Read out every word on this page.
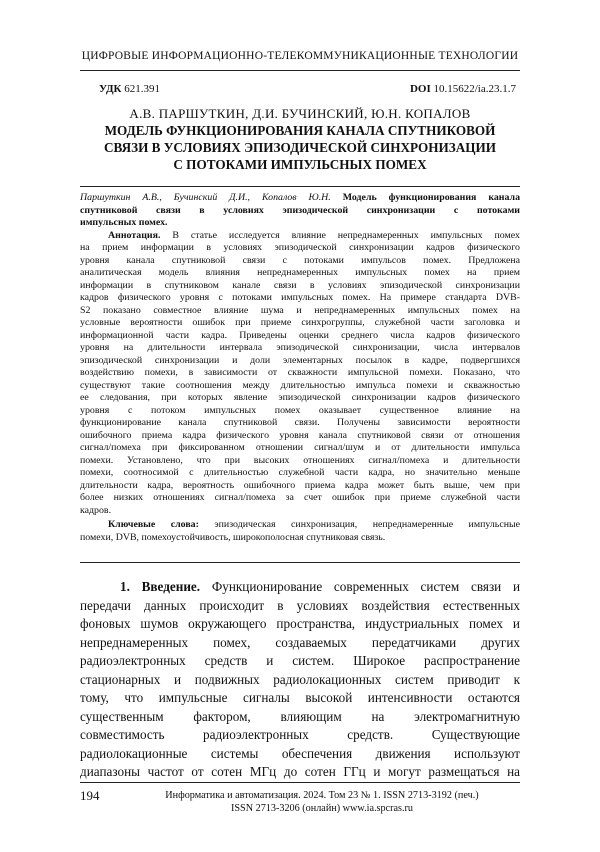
ЦИФРОВЫЕ ИНФОРМАЦИОННО-ТЕЛЕКОММУНИКАЦИОННЫЕ ТЕХНОЛОГИИ
УДК 621.391	DOI 10.15622/ia.23.1.7
А.В. ПАРШУТКИН, Д.И. БУЧИНСКИЙ, Ю.Н. КОПАЛОВ
МОДЕЛЬ ФУНКЦИОНИРОВАНИЯ КАНАЛА СПУТНИКОВОЙ
СВЯЗИ В УСЛОВИЯХ ЭПИЗОДИЧЕСКОЙ СИНХРОНИЗАЦИИ
С ПОТОКАМИ ИМПУЛЬСНЫХ ПОМЕХ
Паршуткин А.В., Бучинский Д.И., Копалов Ю.Н. Модель функционирования канала
спутниковой связи в условиях эпизодической синхронизации с потоками
импульсных помех.
Аннотация. В статье исследуется влияние непреднамеренных импульсных помех
на прием информации в условиях эпизодической синхронизации кадров физического
уровня канала спутниковой связи с потоками импульсов помех. Предложена
аналитическая модель влияния непреднамеренных импульсных помех на прием
информации в спутниковом канале связи в условиях эпизодической синхронизации
кадров физического уровня с потоками импульсных помех. На примере стандарта DVB-
S2 показано совместное влияние шума и непреднамеренных импульсных помех на
условные вероятности ошибок при приеме синхрогруппы, служебной части заголовка и
информационной части кадра. Приведены оценки среднего числа кадров физического
уровня на длительности интервала эпизодической синхронизации, числа интервалов
эпизодической синхронизации и доли элементарных посылок в кадре, подвергшихся
воздействию помехи, в зависимости от скважности импульсной помехи. Показано, что
существуют такие соотношения между длительностью импульса помехи и скважностью
ее следования, при которых явление эпизодической синхронизации кадров физического
уровня с потоком импульсных помех оказывает существенное влияние на
функционирование канала спутниковой связи. Получены зависимости вероятности
ошибочного приема кадра физического уровня канала спутниковой связи от отношения
сигнал/помеха при фиксированном отношении сигнал/шум и от длительности импульса
помехи. Установлено, что при высоких отношениях сигнал/помеха и длительности
помехи, соотносимой с длительностью служебной части кадра, но значительно меньше
длительности кадра, вероятность ошибочного приема кадра может быть выше, чем при
более низких отношениях сигнал/помеха за счет ошибок при приеме служебной части
кадров.
Ключевые слова: эпизодическая синхронизация, непреднамеренные импульсные
помехи, DVB, помехоустойчивость, широкополосная спутниковая связь.
1. Введение. Функционирование современных систем связи и
передачи данных происходит в условиях воздействия естественных
фоновых шумов окружающего пространства, индустриальных помех и
непреднамеренных помех, создаваемых передатчиками других
радиоэлектронных средств и систем. Широкое распространение
стационарных и подвижных радиолокационных систем приводит к
тому, что импульсные сигналы высокой интенсивности остаются
существенным фактором, влияющим на электромагнитную
совместимость радиоэлектронных средств. Существующие
радиолокационные системы обеспечения движения используют
диапазоны частот от сотен МГц до сотен ГГц и могут размещаться на
194	Информатика и автоматизация. 2024. Том 23 № 1. ISSN 2713-3192 (печ.)
ISSN 2713-3206 (онлайн) www.ia.spcras.ru
